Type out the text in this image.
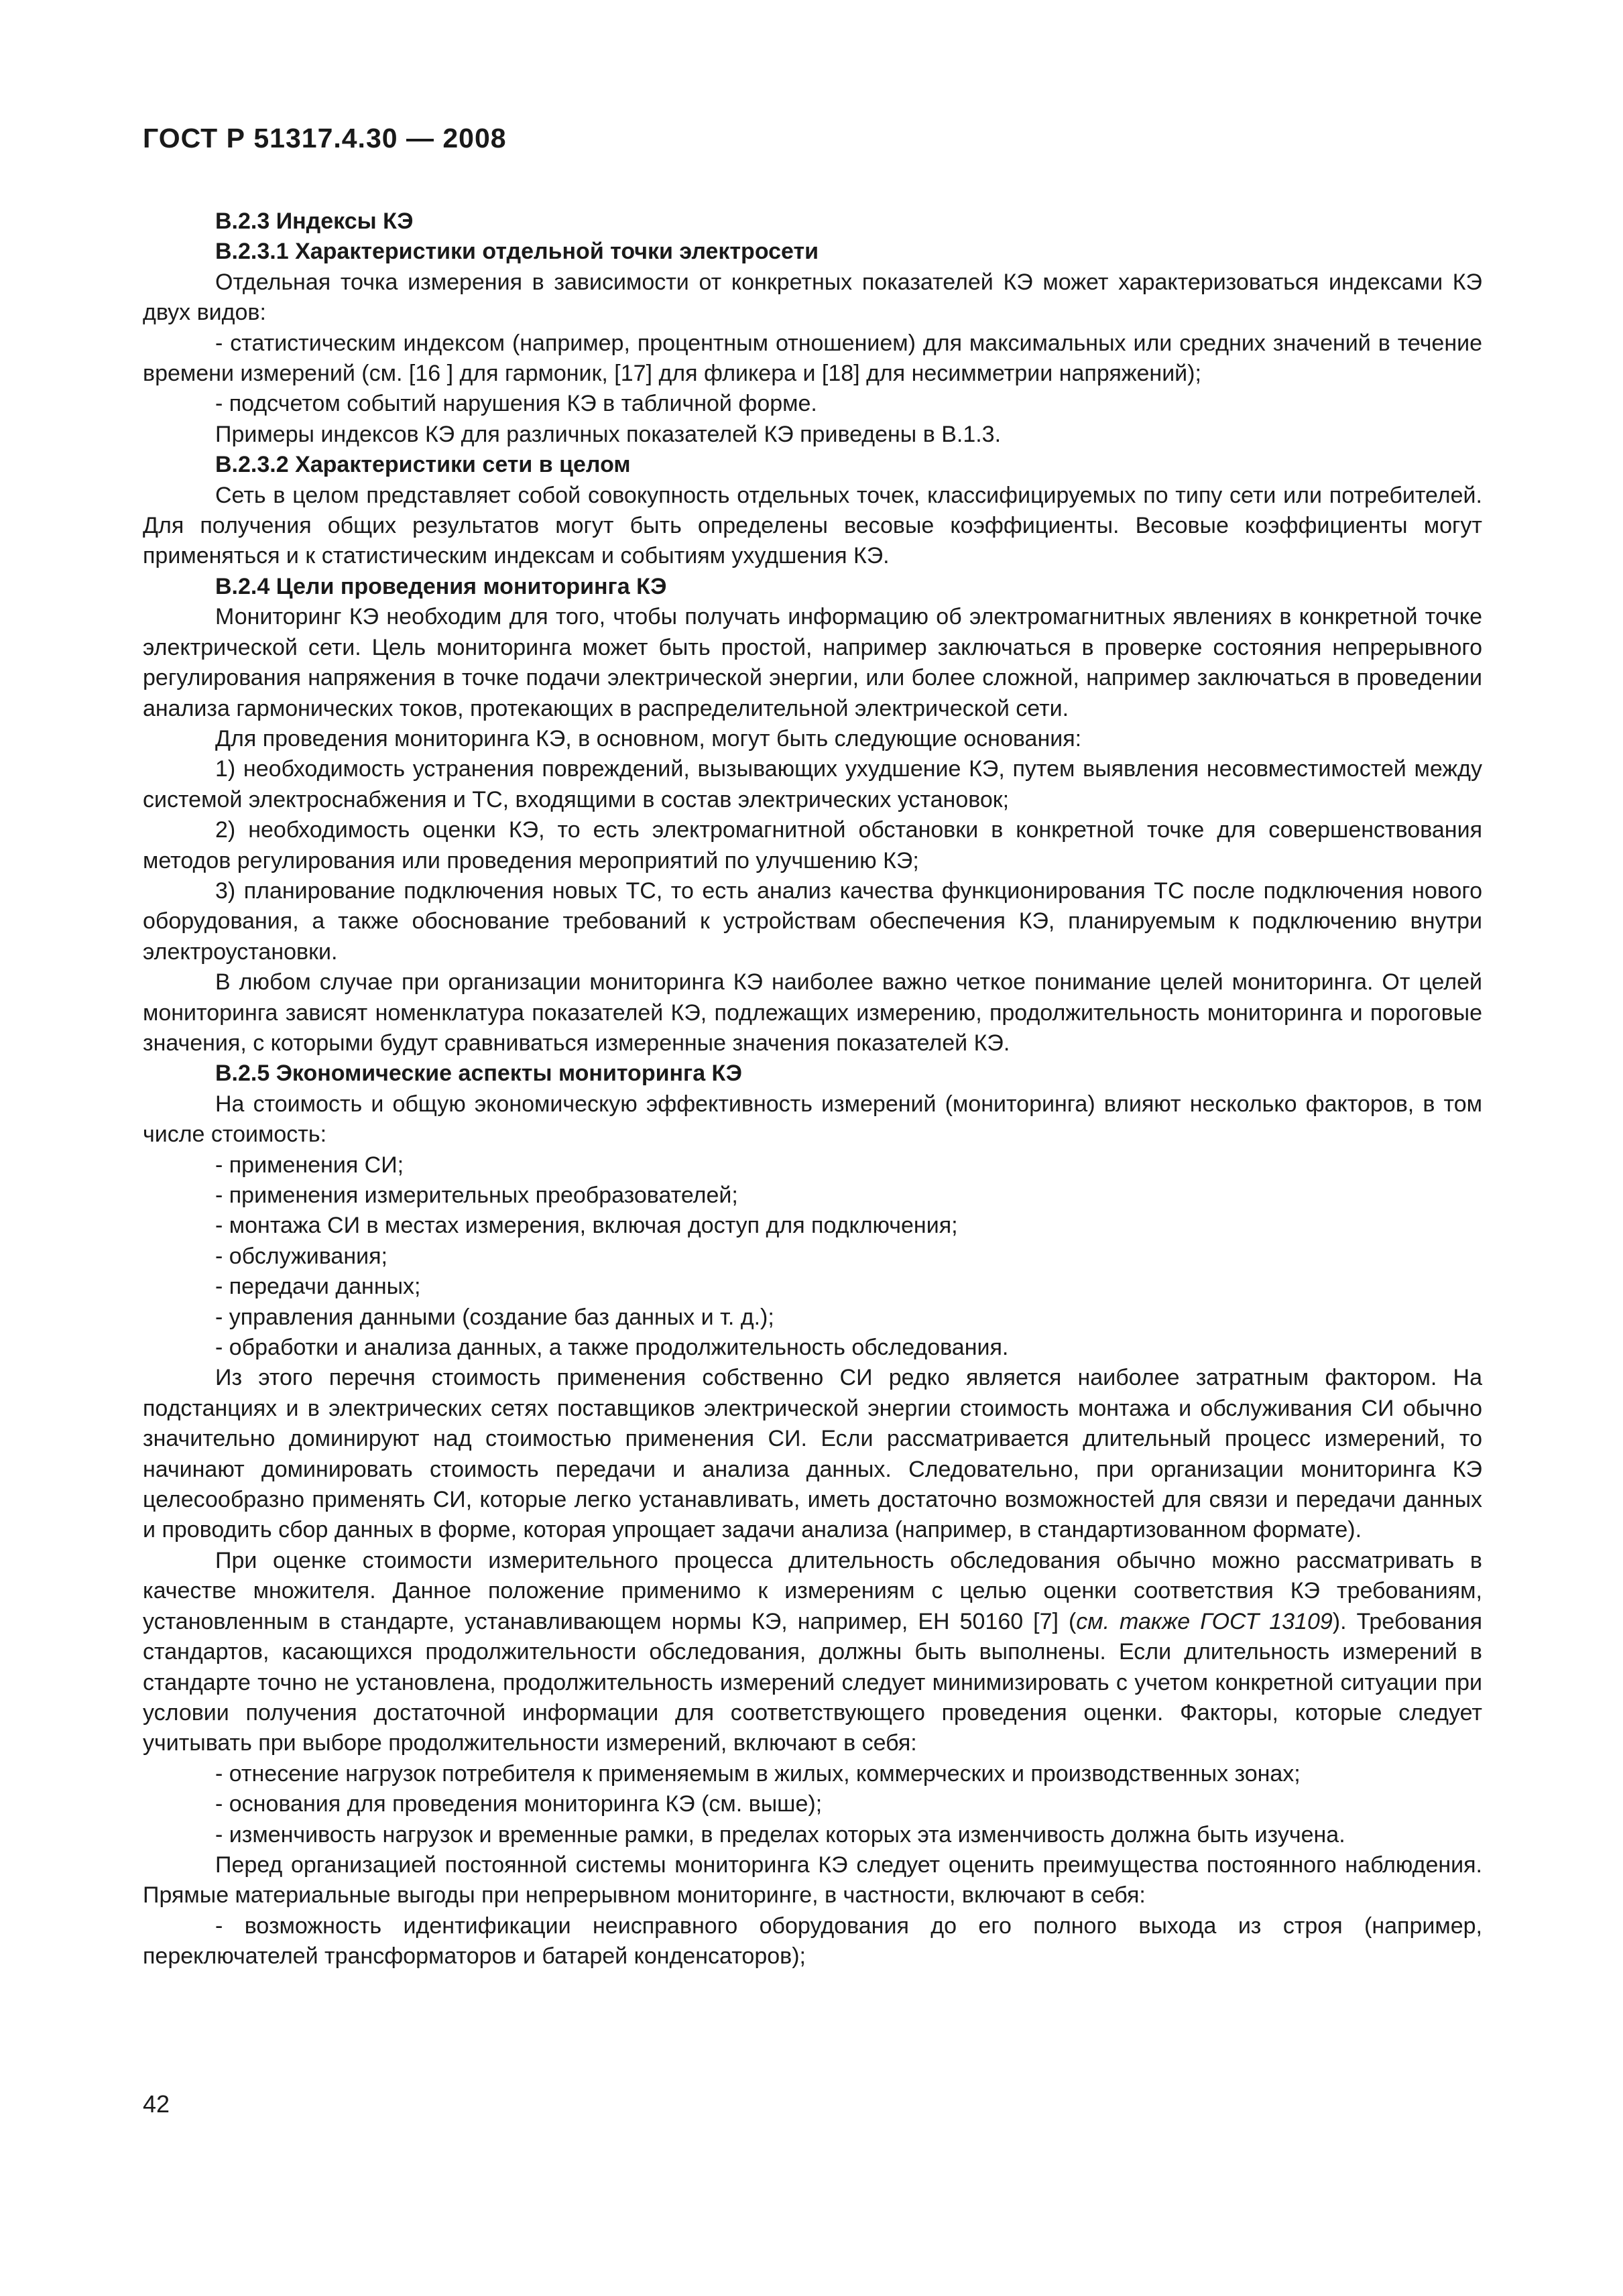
ГОСТ Р 51317.4.30 — 2008

В.2.3 Индексы КЭ

В.2.3.1 Характеристики отдельной точки электросети

Отдельная точка измерения в зависимости от конкретных показателей КЭ может характеризоваться индексами КЭ двух видов:

- статистическим индексом (например, процентным отношением) для максимальных или средних значений в течение времени измерений (см. [16 ] для гармоник, [17] для фликера и [18] для несимметрии напряжений);

- подсчетом событий нарушения КЭ в табличной форме.

Примеры индексов КЭ для различных показателей КЭ приведены в В.1.3.

В.2.3.2 Характеристики сети в целом

Сеть в целом представляет собой совокупность отдельных точек, классифицируемых по типу сети или потребителей. Для получения общих результатов могут быть определены весовые коэффициенты. Весовые коэффициенты могут применяться и к статистическим индексам и событиям ухудшения КЭ.

В.2.4 Цели проведения мониторинга КЭ

Мониторинг КЭ необходим для того, чтобы получать информацию об электромагнитных явлениях в конкретной точке электрической сети. Цель мониторинга может быть простой, например заключаться в проверке состояния непрерывного регулирования напряжения в точке подачи электрической энергии, или более сложной, например заключаться в проведении анализа гармонических токов, протекающих в распределительной электрической сети.

Для проведения мониторинга КЭ, в основном, могут быть следующие основания:

1) необходимость устранения повреждений, вызывающих ухудшение КЭ, путем выявления несовместимостей между системой электроснабжения и ТС, входящими в состав электрических установок;

2) необходимость оценки КЭ, то есть электромагнитной обстановки в конкретной точке для совершенствования методов регулирования или проведения мероприятий по улучшению КЭ;

3) планирование подключения новых ТС, то есть анализ качества функционирования ТС после подключения нового оборудования, а также обоснование требований к устройствам обеспечения КЭ, планируемым к подключению внутри электроустановки.

В любом случае при организации мониторинга КЭ наиболее важно четкое понимание целей мониторинга. От целей мониторинга зависят номенклатура показателей КЭ, подлежащих измерению, продолжительность мониторинга и пороговые значения, с которыми будут сравниваться измеренные значения показателей КЭ.

В.2.5 Экономические аспекты мониторинга КЭ

На стоимость и общую экономическую эффективность измерений (мониторинга) влияют несколько факторов, в том числе стоимость:

- применения СИ;

- применения измерительных преобразователей;

- монтажа СИ в местах измерения, включая доступ для подключения;

- обслуживания;

- передачи данных;

- управления данными (создание баз данных и т. д.);

- обработки и анализа данных, а также продолжительность обследования.

Из этого перечня стоимость применения собственно СИ редко является наиболее затратным фактором. На подстанциях и в электрических сетях поставщиков электрической энергии стоимость монтажа и обслуживания СИ обычно значительно доминируют над стоимостью применения СИ. Если рассматривается длительный процесс измерений, то начинают доминировать стоимость передачи и анализа данных. Следовательно, при организации мониторинга КЭ целесообразно применять СИ, которые легко устанавливать, иметь достаточно возможностей для связи и передачи данных и проводить сбор данных в форме, которая упрощает задачи анализа (например, в стандартизованном формате).

При оценке стоимости измерительного процесса длительность обследования обычно можно рассматривать в качестве множителя. Данное положение применимо к измерениям с целью оценки соответствия КЭ требованиям, установленным в стандарте, устанавливающем нормы КЭ, например, ЕН 50160 [7] (см. также ГОСТ 13109). Требования стандартов, касающихся продолжительности обследования, должны быть выполнены. Если длительность измерений в стандарте точно не установлена, продолжительность измерений следует минимизировать с учетом конкретной ситуации при условии получения достаточной информации для соответствующего проведения оценки. Факторы, которые следует учитывать при выборе продолжительности измерений, включают в себя:

- отнесение нагрузок потребителя к применяемым в жилых, коммерческих и производственных зонах;

- основания для проведения мониторинга КЭ (см. выше);

- изменчивость нагрузок и временные рамки, в пределах которых эта изменчивость должна быть изучена.

Перед организацией постоянной системы мониторинга КЭ следует оценить преимущества постоянного наблюдения. Прямые материальные выгоды при непрерывном мониторинге, в частности, включают в себя:

- возможность идентификации неисправного оборудования до его полного выхода из строя (например, переключателей трансформаторов и батарей конденсаторов);

42
